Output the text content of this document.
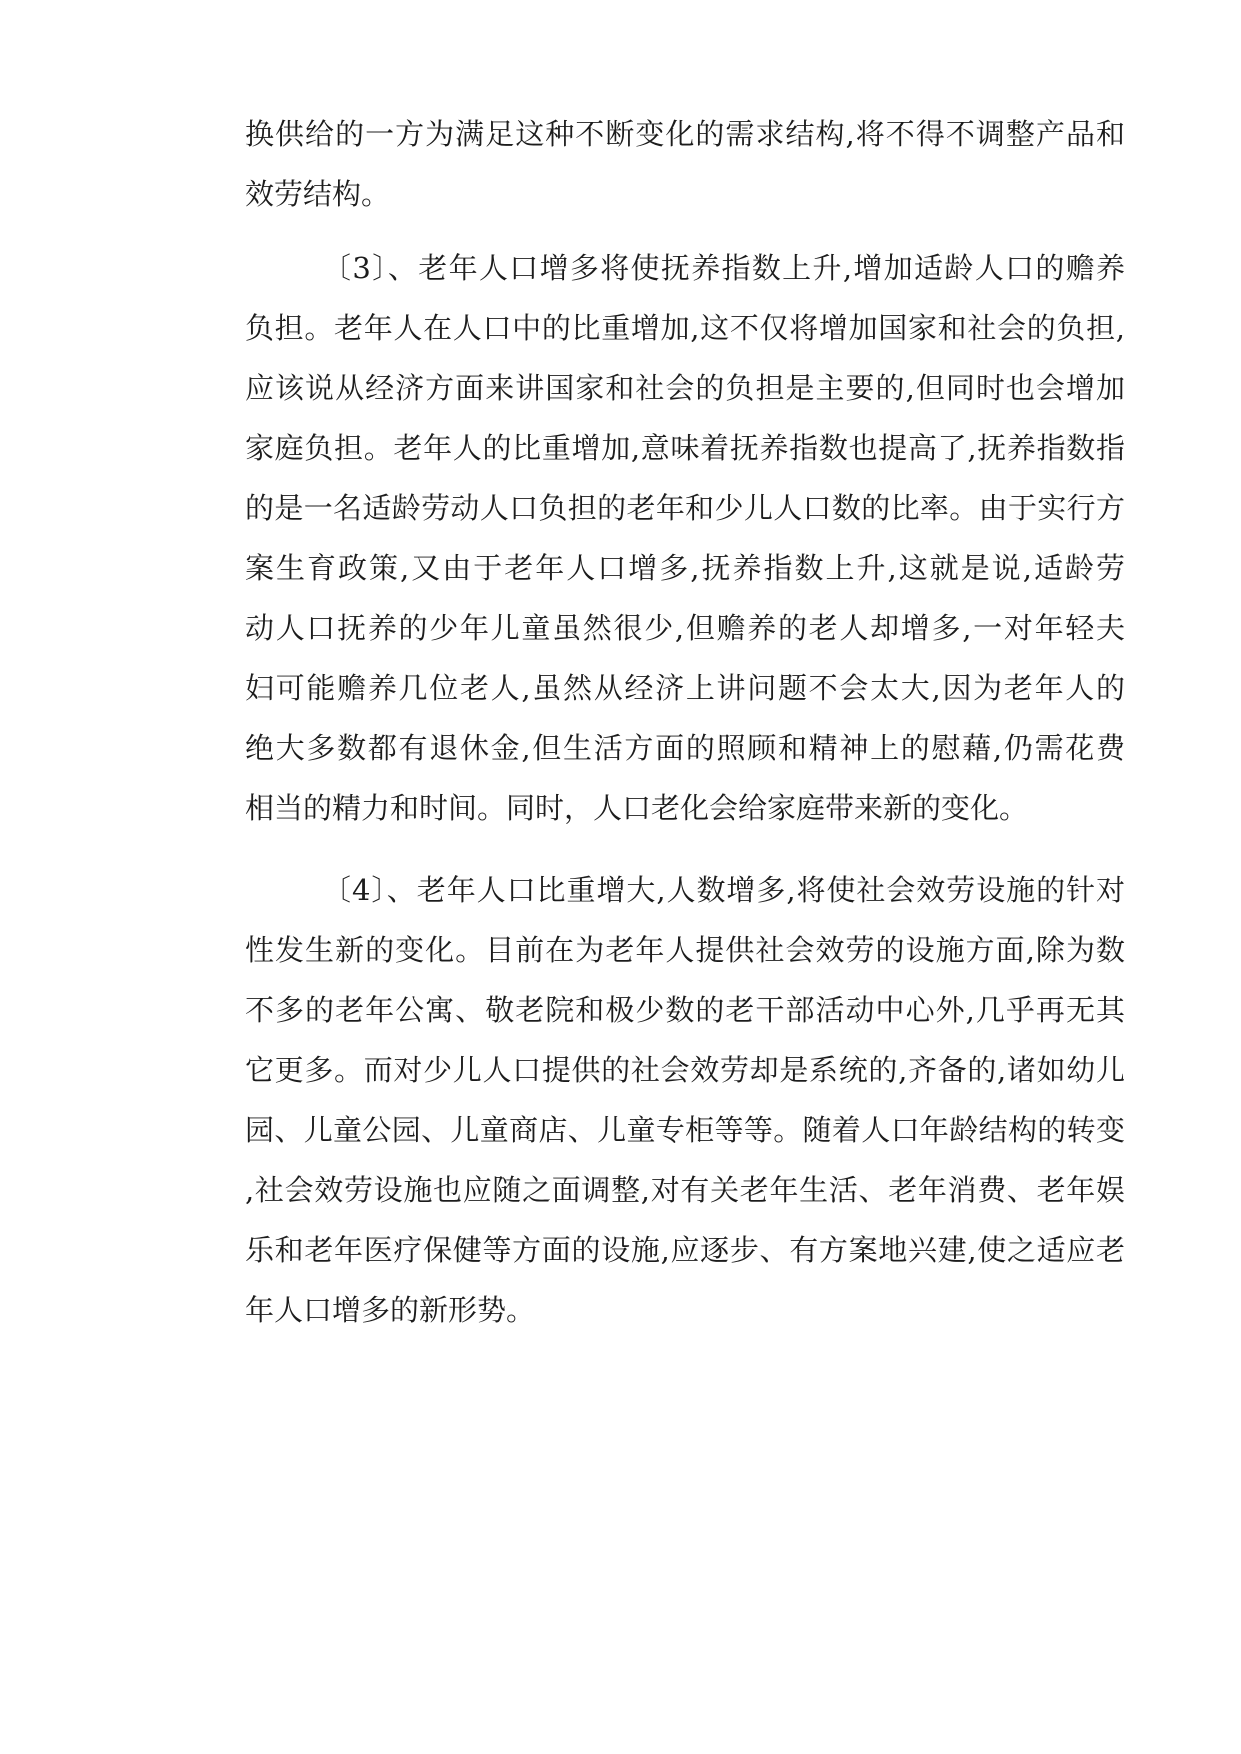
换供给的一方为满足这种不断变化的需求结构,将不得不调整产品和
效劳结构。
〔3〕、老年人口增多将使抚养指数上升,增加适龄人口的赡养
负担。老年人在人口中的比重增加,这不仅将增加国家和社会的负担,
应该说从经济方面来讲国家和社会的负担是主要的,但同时也会增加
家庭负担。老年人的比重增加,意味着抚养指数也提高了,抚养指数指
的是一名适龄劳动人口负担的老年和少儿人口数的比率。由于实行方
案生育政策,又由于老年人口增多,抚养指数上升,这就是说,适龄劳
动人口抚养的少年儿童虽然很少,但赡养的老人却增多,一对年轻夫
妇可能赡养几位老人,虽然从经济上讲问题不会太大,因为老年人的
绝大多数都有退休金,但生活方面的照顾和精神上的慰藉,仍需花费
相当的精力和时间。同时，人口老化会给家庭带来新的变化。
〔4〕、老年人口比重增大,人数增多,将使社会效劳设施的针对
性发生新的变化。目前在为老年人提供社会效劳的设施方面,除为数
不多的老年公寓、敬老院和极少数的老干部活动中心外,几乎再无其
它更多。而对少儿人口提供的社会效劳却是系统的,齐备的,诸如幼儿
园、儿童公园、儿童商店、儿童专柜等等。随着人口年龄结构的转变
,社会效劳设施也应随之面调整,对有关老年生活、老年消费、老年娱
乐和老年医疗保健等方面的设施,应逐步、有方案地兴建,使之适应老
年人口增多的新形势。
